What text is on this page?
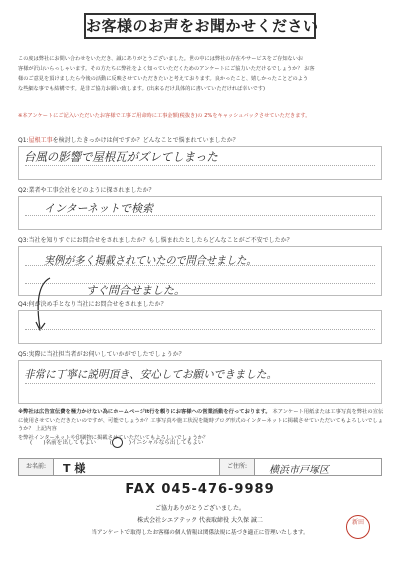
お客様のお声をお聞かせください

この度は弊社にお問い合わせをいただき、誠にありがとうございました。世の中には弊社の存在やサービスをご存知ないお

客様が沢山いらっしゃいます。その方たちに弊社をよく知っていただくためのアンケートにご協力いただけるでしょうか？ お客

様のご意見を頂けましたら今後の活動に反映させていただきたいと考えております。良かったこと、嬉しかったことどのよう

な些細な事でも結構です。是非ご協力お願い致します。(出来るだけ具体的に書いていただければ幸いです)

※本アンケートにご記入いただいたお客様で工事ご用命時に工事金額(税抜き)の 2%をキャッシュバックさせていただきます。
Q1:屋根工事を検討したきっかけは何ですか？どんなことで悩まれていましたか？
台風の影響で屋根瓦がズレてしまった
Q2:業者や工事会社をどのように探されましたか？
インターネットで検索
Q3:当社を知りすぐにお問合せをされましたか？もし悩まれたとしたらどんなことがご不安でしたか？
実例が多く掲載されていたので問合せました。
すぐ問合せました。
Q4:何が決め手となり当社にお問合せをされましたか？
Q5:実際に当社担当者がお伺いしていかがでしたでしょうか？
非常に丁寧に説明頂き、安心してお願いできました。
※弊社は広告宣伝費を極力かけない為にホームページit行を頼りにお客様への営業活動を行っております。 本アンケート用紙または工事写真を弊社の宣伝に使用させていただきたいのですが、可能でしょうか？工事写真や施工状況を随時ブログ形式のインターネットに掲載させていただいてもよろしいでしょうか？ 上記内容
を弊社インターネットや印刷物に掲載させていただいてもよろしいでしょうか？
(　　)名前を出してもよい (	)イニシャルなら出してもよい
お名前:	T 様	ご住所:	横浜市戸塚区
FAX 045-476-9989
ご協力ありがとうございました。
株式会社シエアテック 代表取締役 大久保 誠二
当アンケートで取得したお客様の個人情報は関係法規に基づき適正に管理いたします。
新田
